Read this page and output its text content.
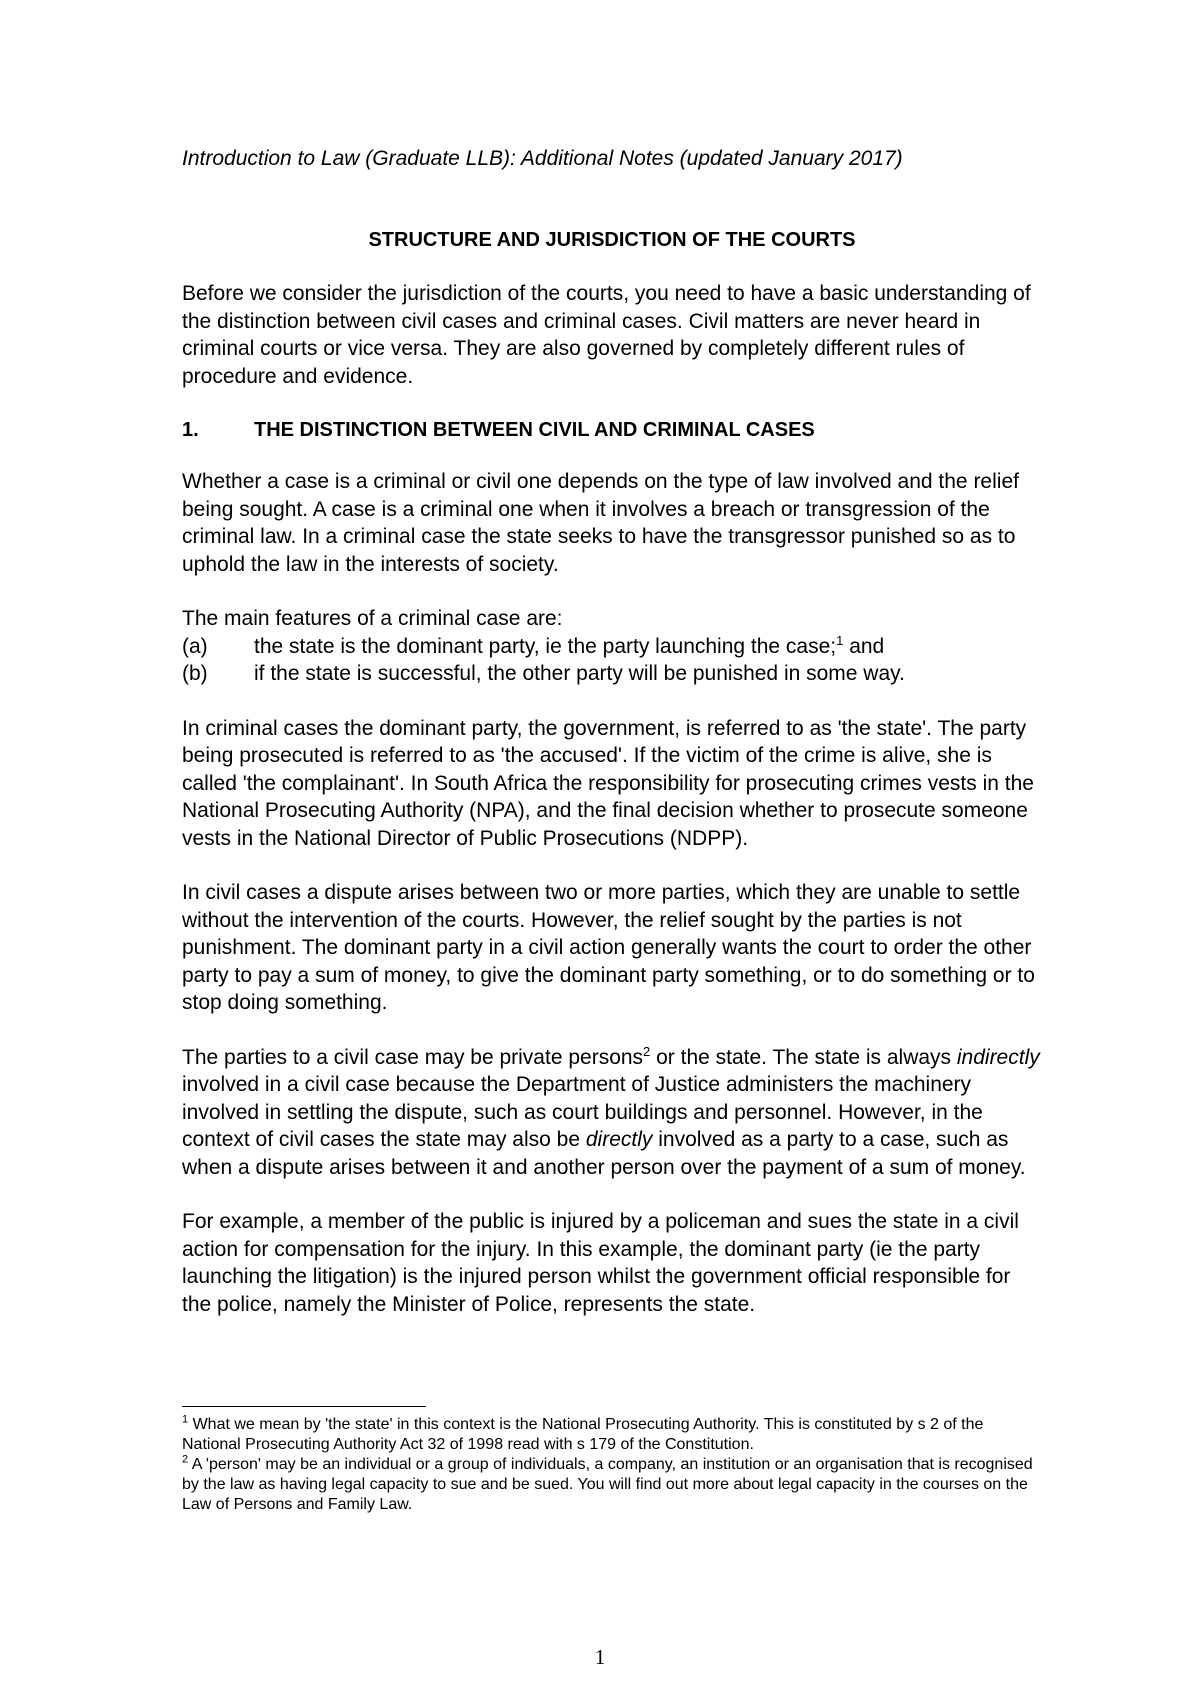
Introduction to Law (Graduate LLB): Additional Notes (updated January 2017)

STRUCTURE AND JURISDICTION OF THE COURTS

Before we consider the jurisdiction of the courts, you need to have a basic understanding of the distinction between civil cases and criminal cases. Civil matters are never heard in criminal courts or vice versa. They are also governed by completely different rules of procedure and evidence.

1.	THE DISTINCTION BETWEEN CIVIL AND CRIMINAL CASES

Whether a case is a criminal or civil one depends on the type of law involved and the relief being sought. A case is a criminal one when it involves a breach or transgression of the criminal law. In a criminal case the state seeks to have the transgressor punished so as to uphold the law in the interests of society.

The main features of a criminal case are:

(a)	the state is the dominant party, ie the party launching the case;$^1$ and
(b)	if the state is successful, the other party will be punished in some way.

In criminal cases the dominant party, the government, is referred to as 'the state'. The party being prosecuted is referred to as 'the accused'. If the victim of the crime is alive, she is called 'the complainant'. In South Africa the responsibility for prosecuting crimes vests in the National Prosecuting Authority (NPA), and the final decision whether to prosecute someone vests in the National Director of Public Prosecutions (NDPP).

In civil cases a dispute arises between two or more parties, which they are unable to settle without the intervention of the courts. However, the relief sought by the parties is not punishment. The dominant party in a civil action generally wants the court to order the other party to pay a sum of money, to give the dominant party something, or to do something or to stop doing something.

The parties to a civil case may be private persons$^2$ or the state. The state is always indirectly involved in a civil case because the Department of Justice administers the machinery involved in settling the dispute, such as court buildings and personnel. However, in the context of civil cases the state may also be directly involved as a party to a case, such as when a dispute arises between it and another person over the payment of a sum of money.

For example, a member of the public is injured by a policeman and sues the state in a civil action for compensation for the injury. In this example, the dominant party (ie the party launching the litigation) is the injured person whilst the government official responsible for the police, namely the Minister of Police, represents the state.

$^1$ What we mean by 'the state' in this context is the National Prosecuting Authority. This is constituted by s 2 of the National Prosecuting Authority Act 32 of 1998 read with s 179 of the Constitution.

$^2$ A 'person' may be an individual or a group of individuals, a company, an institution or an organisation that is recognised by the law as having legal capacity to sue and be sued. You will find out more about legal capacity in the courses on the Law of Persons and Family Law.

1
